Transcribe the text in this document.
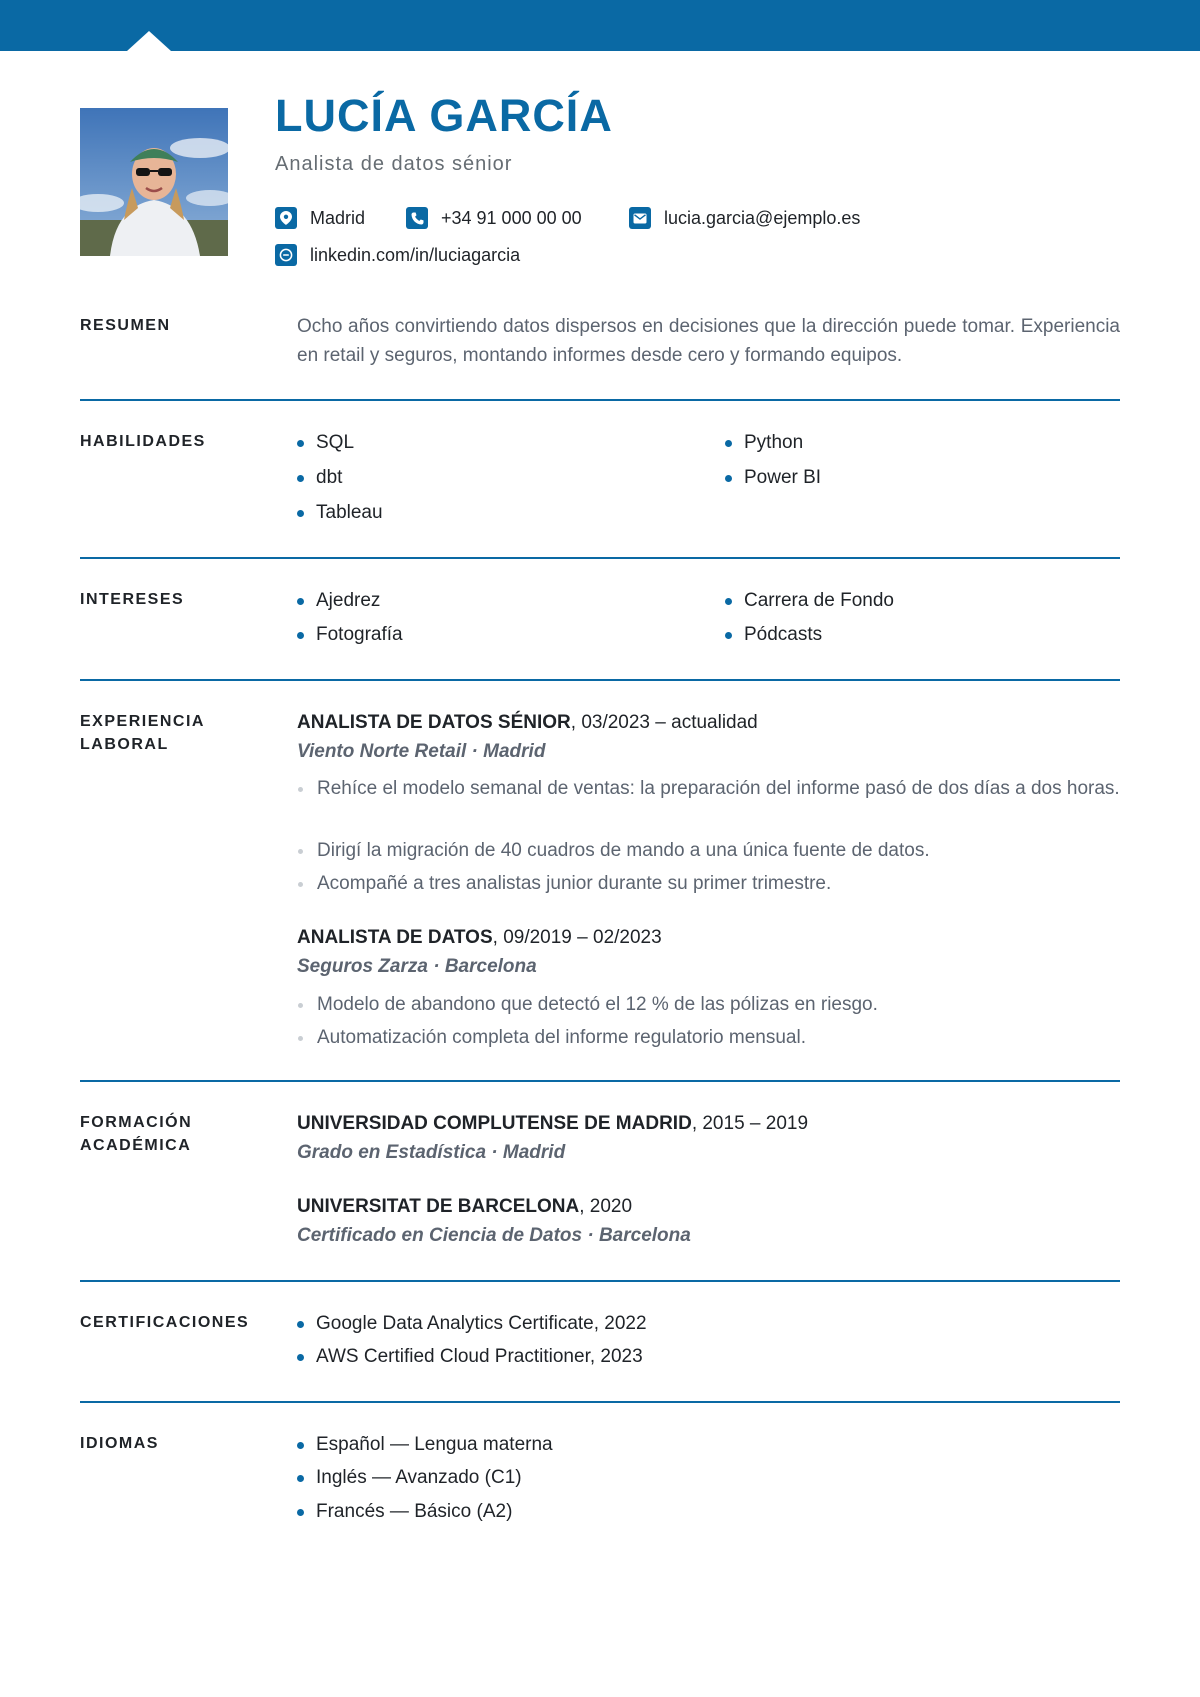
LUCÍA GARCÍA
Analista de datos sénior
Madrid	+34 91 000 00 00	lucia.garcia@ejemplo.es
linkedin.com/in/luciagarcia
RESUMEN	Ocho años convirtiendo datos dispersos en decisiones que la dirección puede tomar. Experiencia en retail y seguros, montando informes desde cero y formando equipos.
HABILIDADES	SQL	Python
dbt	Power BI
Tableau
INTERESES	Ajedrez	Carrera de Fondo
Fotografía	Pódcasts
EXPERIENCIA
LABORAL
ANALISTA DE DATOS SÉNIOR, 03/2023 – actualidad
Viento Norte Retail · Madrid
Rehíce el modelo semanal de ventas: la preparación del informe pasó de dos días a dos horas.
Dirigí la migración de 40 cuadros de mando a una única fuente de datos.
Acompañé a tres analistas junior durante su primer trimestre.
ANALISTA DE DATOS, 09/2019 – 02/2023
Seguros Zarza · Barcelona
Modelo de abandono que detectó el 12 % de las pólizas en riesgo.
Automatización completa del informe regulatorio mensual.
FORMACIÓN
ACADÉMICA
UNIVERSIDAD COMPLUTENSE DE MADRID, 2015 – 2019
Grado en Estadística · Madrid
UNIVERSITAT DE BARCELONA, 2020
Certificado en Ciencia de Datos · Barcelona
CERTIFICACIONES	Google Data Analytics Certificate, 2022
AWS Certified Cloud Practitioner, 2023
IDIOMAS	Español — Lengua materna
Inglés — Avanzado (C1)
Francés — Básico (A2)
